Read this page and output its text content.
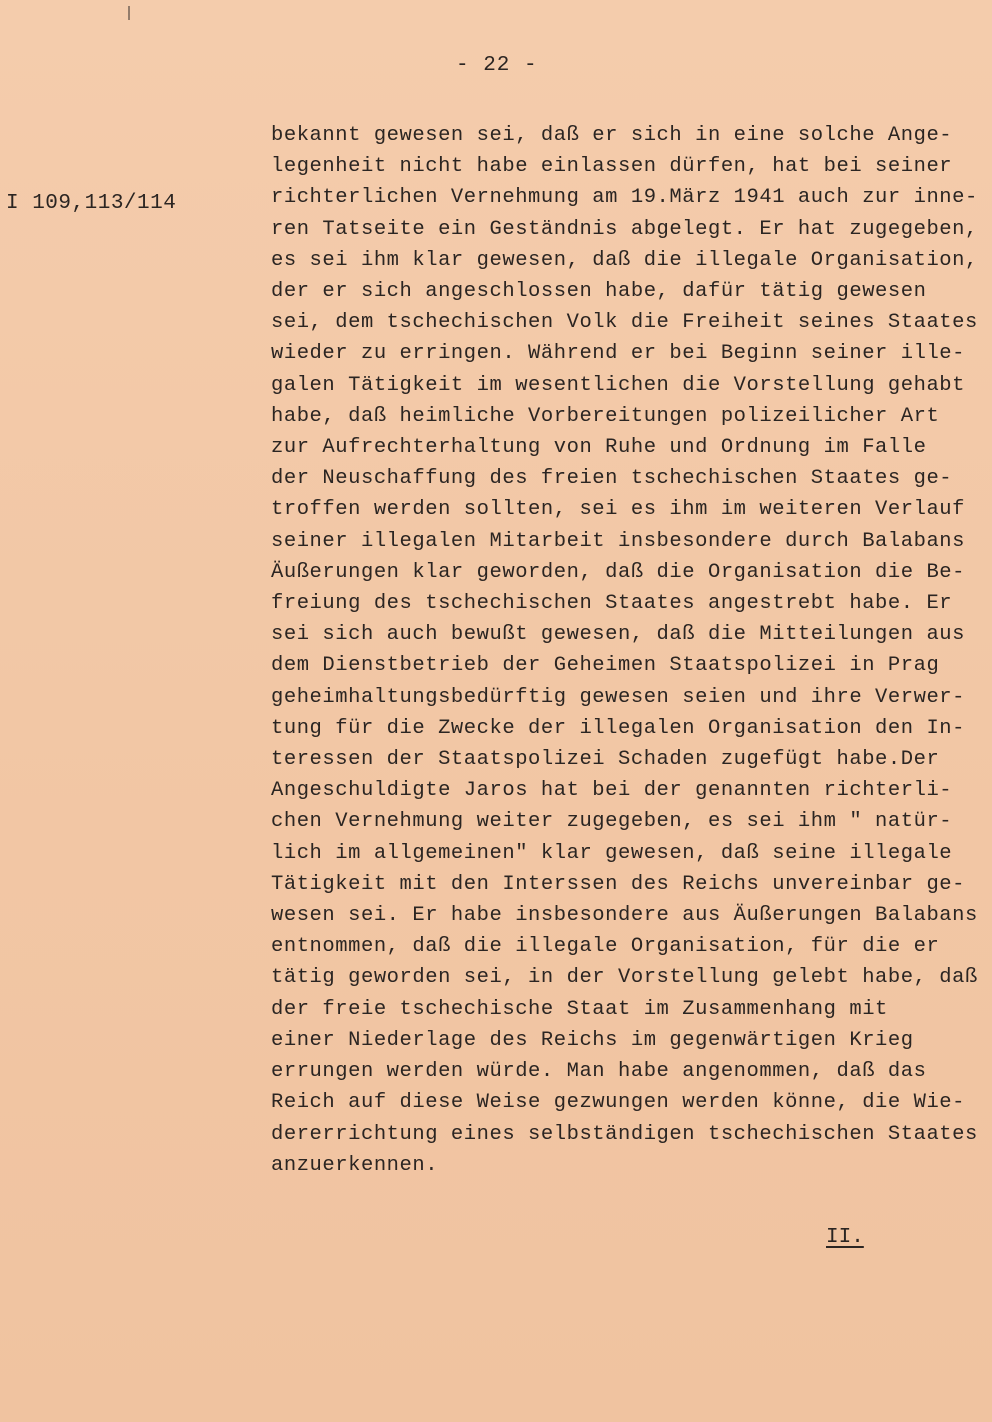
- 22 -
I 109,113/114
bekannt gewesen sei, daß er sich in eine solche Ange-
legenheit nicht habe einlassen dürfen, hat bei seiner
richterlichen Vernehmung am 19.März 1941 auch zur inne-
ren Tatseite ein Geständnis abgelegt. Er hat zugegeben,
es sei ihm klar gewesen, daß die illegale Organisation,
der er sich angeschlossen habe, dafür tätig gewesen
sei, dem tschechischen Volk die Freiheit seines Staates
wieder zu erringen. Während er bei Beginn seiner ille-
galen Tätigkeit im wesentlichen die Vorstellung gehabt
habe, daß heimliche Vorbereitungen polizeilicher Art
zur Aufrechterhaltung von Ruhe und Ordnung im Falle
der Neuschaffung des freien tschechischen Staates ge-
troffen werden sollten, sei es ihm im weiteren Verlauf
seiner illegalen Mitarbeit insbesondere durch Balabans
Äußerungen klar geworden, daß die Organisation die Be-
freiung des tschechischen Staates angestrebt habe. Er
sei sich auch bewußt gewesen, daß die Mitteilungen aus
dem Dienstbetrieb der Geheimen Staatspolizei in Prag
geheimhaltungsbedürftig gewesen seien und ihre Verwer-
tung für die Zwecke der illegalen Organisation den In-
teressen der Staatspolizei Schaden zugefügt habe.Der
Angeschuldigte Jaros hat bei der genannten richterli-
chen Vernehmung weiter zugegeben, es sei ihm " natür-
lich im allgemeinen" klar gewesen, daß seine illegale
Tätigkeit mit den Interssen des Reichs unvereinbar ge-
wesen sei. Er habe insbesondere aus Äußerungen Balabans
entnommen, daß die illegale Organisation, für die er
tätig geworden sei, in der Vorstellung gelebt habe, daß
der freie tschechische Staat im Zusammenhang mit
einer Niederlage des Reichs im gegenwärtigen Krieg
errungen werden würde. Man habe angenommen, daß das
Reich auf diese Weise gezwungen werden könne, die Wie-
dererrichtung eines selbständigen tschechischen Staates
anzuerkennen.
II.
